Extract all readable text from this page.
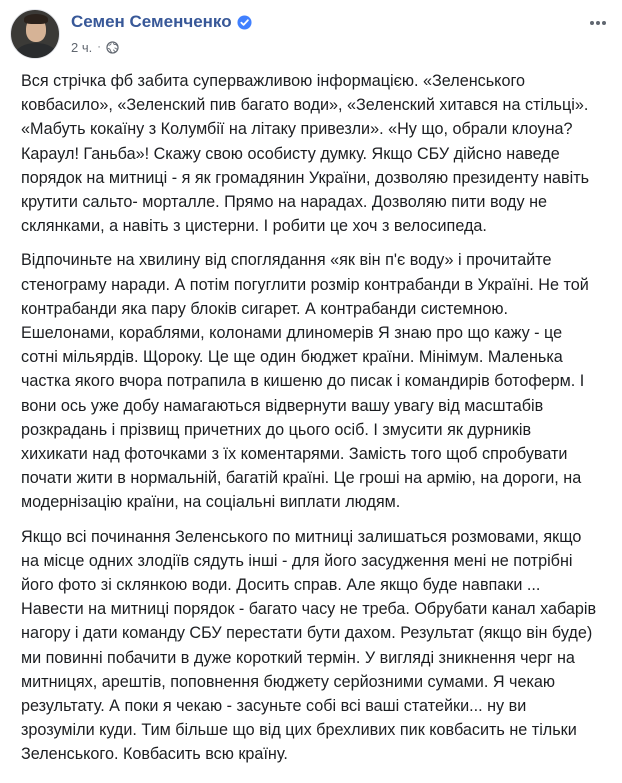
Семен Семенченко
2 ч. ·

Вся стрічка фб забита суперважливою інформацією. «Зеленського ковбасило», «Зеленский пив багато води», «Зеленский хитався на стільці». «Мабуть кокаїну з Колумбії на літаку привезли». «Ну що, обрали клоуна? Караул! Ганьба»! Скажу свою особисту думку. Якщо СБУ дійсно наведе порядок на митниці - я як громадянин України, дозволяю президенту навіть крутити сальто- морталле. Прямо на нарадах. Дозволяю пити воду не склянками, а навіть з цистерни. І робити це хоч з велосипеда.

Відпочиньте на хвилину від споглядання «як він п'є воду» і прочитайте стенограму наради. А потім погуглити розмір контрабанди в Україні. Не той контрабанди яка пару блоків сигарет. А контрабанди системною. Ешелонами, кораблями, колонами длиномерів Я знаю про що кажу - це сотні мільярдів. Щороку. Це ще один бюджет країни. Мінімум. Маленька частка якого вчора потрапила в кишеню до писак і командирів ботоферм. І вони ось уже добу намагаються відвернути вашу увагу від масштабів розкрадань і прізвищ причетних до цього осіб. І змусити як дурників хихикати над фоточками з їх коментарями. Замість того щоб спробувати почати жити в нормальній, багатій країні. Це гроші на армію, на дороги, на модернізацію країни, на соціальні виплати людям.

Якщо всі починання Зеленського по митниці залишаться розмовами, якщо на місце одних злодіїв сядуть інші - для його засудження мені не потрібні його фото зі склянкою води. Досить справ. Але якщо буде навпаки ... Навести на митниці порядок - багато часу не треба. Обрубати канал хабарів нагору і дати команду СБУ перестати бути дахом. Результат (якщо він буде) ми повинні побачити в дуже короткий термін. У вигляді зникнення черг на митницях, арештів, поповнення бюджету серйозними сумами. Я чекаю результату. А поки я чекаю - засуньте собі всі ваші статейки... ну ви зрозуміли куди. Тим більше що від цих брехливих пик ковбасить не тільки Зеленського. Ковбасить всю країну.
